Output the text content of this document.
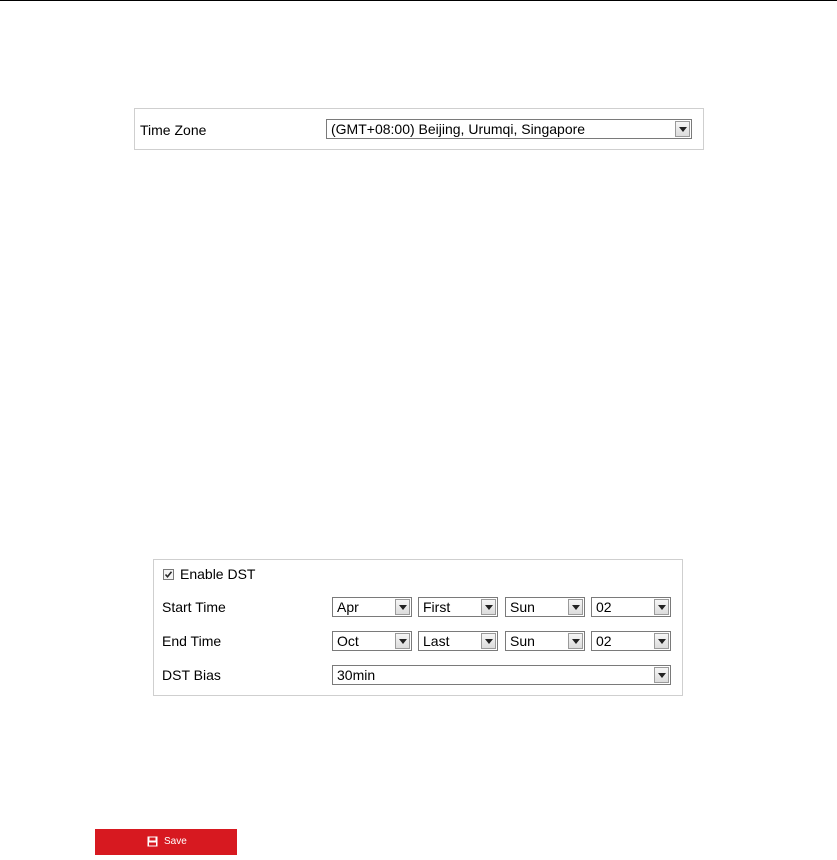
Time Zone	(GMT+08:00) Beijing, Urumqi, Singapore
Enable DST
Start Time	Apr	First	Sun	02
End Time	Oct	Last	Sun	02
DST Bias	30min
Save
